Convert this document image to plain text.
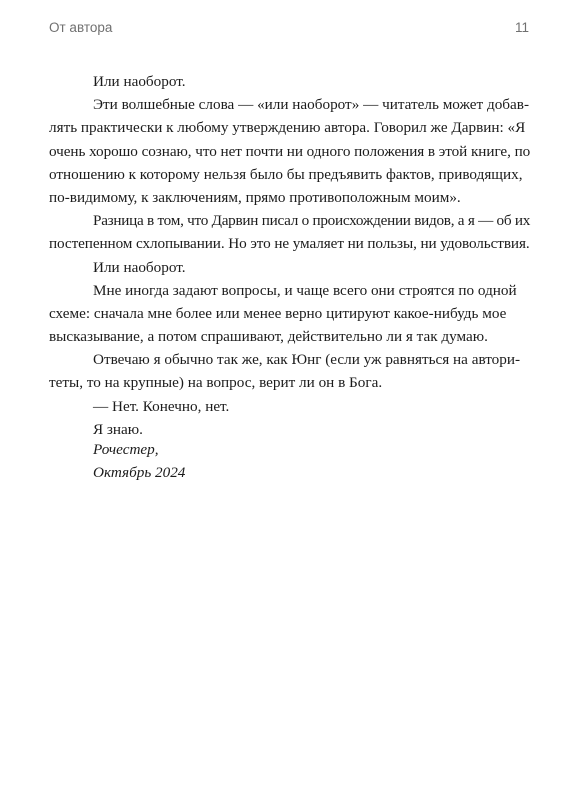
От автора	11
Или наоборот.
Эти волшебные слова — «или наоборот» — читатель может добав-
лять практически к любому утверждению автора. Говорил же Дарвин: «Я
очень хорошо сознаю, что нет почти ни одного положения в этой книге, по
отношению к которому нельзя было бы предъявить фактов, приводящих,
по-видимому, к заключениям, прямо противоположным моим».
Разница в том, что Дарвин писал о происхождении видов, а я — об их
постепенном схлопывании. Но это не умаляет ни пользы, ни удовольствия.
Или наоборот.
Мне иногда задают вопросы, и чаще всего они строятся по одной
схеме: сначала мне более или менее верно цитируют какое-нибудь мое
высказывание, а потом спрашивают, действительно ли я так думаю.
Отвечаю я обычно так же, как Юнг (если уж равняться на автори-
теты, то на крупные) на вопрос, верит ли он в Бога.
— Нет. Конечно, нет.
Я знаю.
Рочестер,
Октябрь 2024
